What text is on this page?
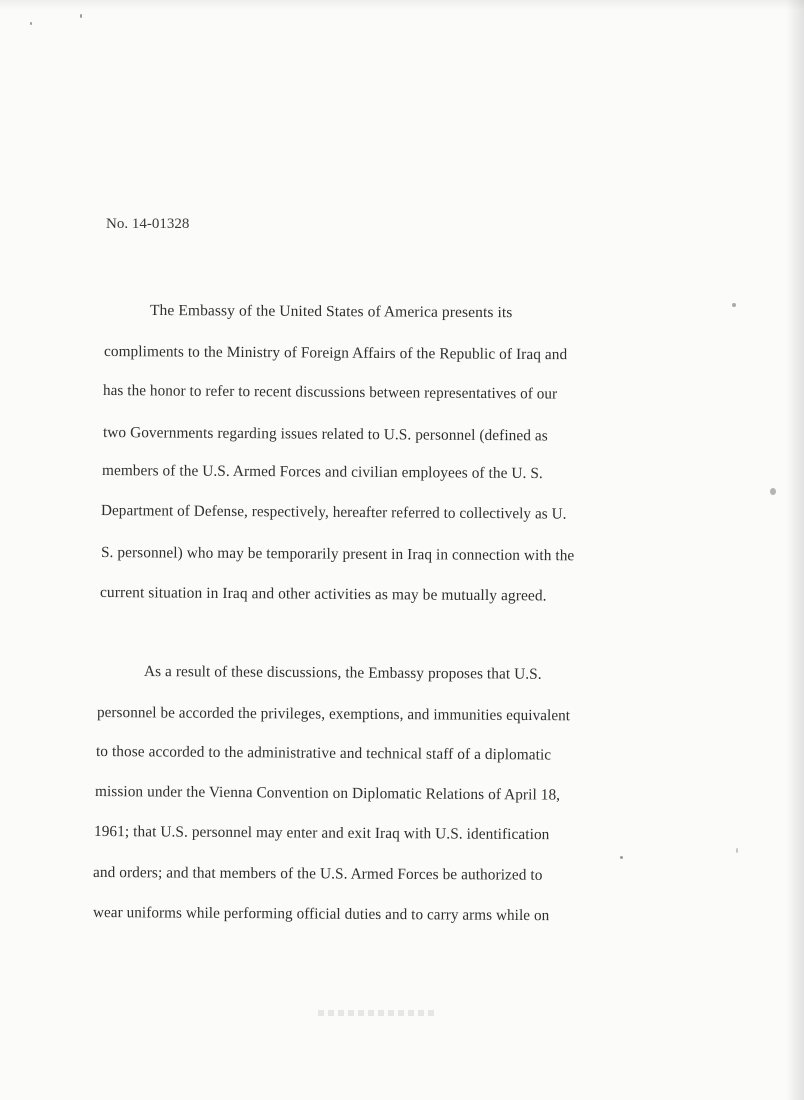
No. 14-01328
The Embassy of the United States of America presents its
compliments to the Ministry of Foreign Affairs of the Republic of Iraq and
has the honor to refer to recent discussions between representatives of our
two Governments regarding issues related to U.S. personnel (defined as
members of the U.S. Armed Forces and civilian employees of the U. S.
Department of Defense, respectively, hereafter referred to collectively as U.
S. personnel) who may be temporarily present in Iraq in connection with the
current situation in Iraq and other activities as may be mutually agreed.
As a result of these discussions, the Embassy proposes that U.S.
personnel be accorded the privileges, exemptions, and immunities equivalent
to those accorded to the administrative and technical staff of a diplomatic
mission under the Vienna Convention on Diplomatic Relations of April 18,
1961; that U.S. personnel may enter and exit Iraq with U.S. identification
and orders; and that members of the U.S. Armed Forces be authorized to
wear uniforms while performing official duties and to carry arms while on
